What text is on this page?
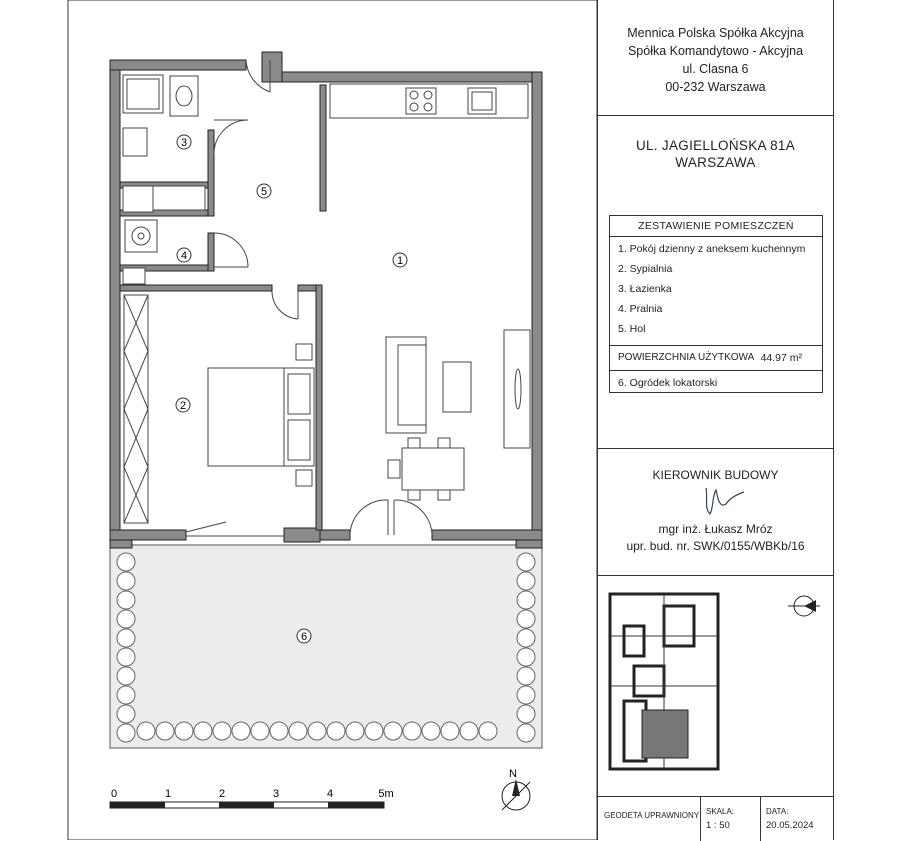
1
2
3
4
5
6
0	1	2	3	4	5m
N
Mennica Polska Spółka Akcyjna
Spółka Komandytowo - Akcyjna
ul. Clasna 6
00-232 Warszawa
UL. JAGIELLOŃSKA 81A
WARSZAWA
ZESTAWIENIE POMIESZCZEŃ
1. Pokój dzienny z aneksem kuchennym
2. Sypialnia
3. Łazienka
4. Pralnia
5. Hol
POWIERZCHNIA UŻYTKOWA 44.97 m²
6. Ogródek lokatorski
KIEROWNIK BUDOWY
mgr inż. Łukasz Mróz
upr. bud. nr. SWK/0155/WBKb/16
GEODETA UPRAWNIONY SKALA:
1 : 50
DATA:
20.05.2024
